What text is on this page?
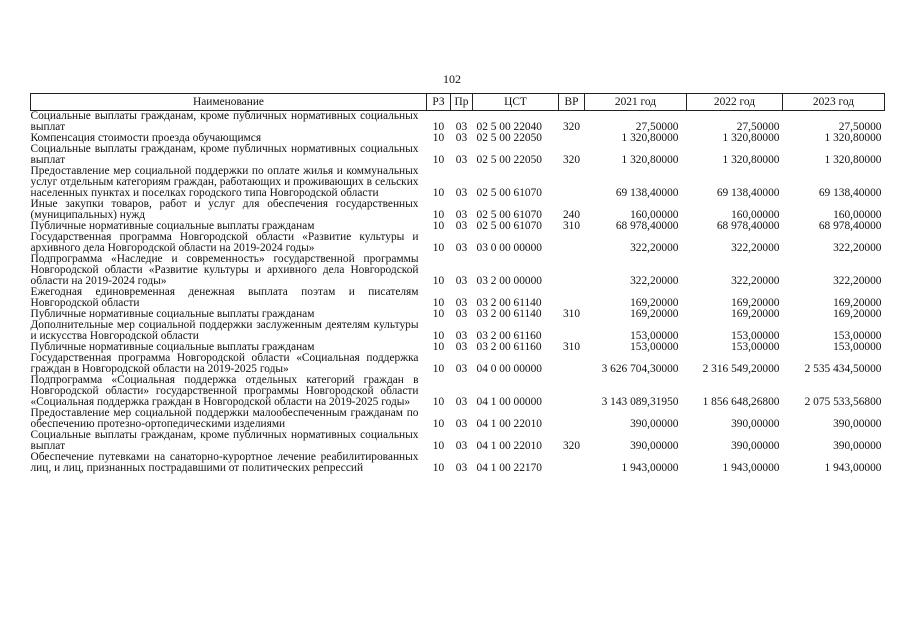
102
Наименование	РЗ	Пр	ЦСТ	ВР	2021 год	2022 год	2023 год
Социальные выплаты гражданам, кроме публичных нормативных социальных выплат	10	03	02 5 00 22040	320	27,50000	27,50000	27,50000
Компенсация стоимости проезда обучающимся	10	03	02 5 00 22050		1 320,80000	1 320,80000	1 320,80000
Социальные выплаты гражданам, кроме публичных нормативных социальных выплат	10	03	02 5 00 22050	320	1 320,80000	1 320,80000	1 320,80000
Предоставление мер социальной поддержки по оплате жилья и коммунальных услуг отдельным категориям граждан, работающих и проживающих в сельских населенных пунктах и поселках городского типа Новгородской области	10	03	02 5 00 61070		69 138,40000	69 138,40000	69 138,40000
Иные закупки товаров, работ и услуг для обеспечения государственных (муниципальных) нужд	10	03	02 5 00 61070	240	160,00000	160,00000	160,00000
Публичные нормативные социальные выплаты гражданам	10	03	02 5 00 61070	310	68 978,40000	68 978,40000	68 978,40000
Государственная программа Новгородской области «Развитие культуры и архивного дела Новгородской области на 2019-2024 годы»	10	03	03 0 00 00000		322,20000	322,20000	322,20000
Подпрограмма «Наследие и современность» государственной программы Новгородской области «Развитие культуры и архивного дела Новгородской области на 2019-2024 годы»	10	03	03 2 00 00000		322,20000	322,20000	322,20000
Ежегодная единовременная денежная выплата поэтам и писателям Новгородской области	10	03	03 2 00 61140		169,20000	169,20000	169,20000
Публичные нормативные социальные выплаты гражданам	10	03	03 2 00 61140	310	169,20000	169,20000	169,20000
Дополнительные мер социальной поддержки заслуженным деятелям культуры и искусства Новгородской области	10	03	03 2 00 61160		153,00000	153,00000	153,00000
Публичные нормативные социальные выплаты гражданам	10	03	03 2 00 61160	310	153,00000	153,00000	153,00000
Государственная программа Новгородской области «Социальная поддержка граждан в Новгородской области на 2019-2025 годы»	10	03	04 0 00 00000		3 626 704,30000	2 316 549,20000	2 535 434,50000
Подпрограмма «Социальная поддержка отдельных категорий граждан в Новгородской области» государственной программы Новгородской области «Социальная поддержка граждан в Новгородской области на 2019-2025 годы»	10	03	04 1 00 00000		3 143 089,31950	1 856 648,26800	2 075 533,56800
Предоставление мер социальной поддержки малообеспеченным гражданам по обеспечению протезно-ортопедическими изделиями	10	03	04 1 00 22010		390,00000	390,00000	390,00000
Социальные выплаты гражданам, кроме публичных нормативных социальных выплат	10	03	04 1 00 22010	320	390,00000	390,00000	390,00000
Обеспечение путевками на санаторно-курортное лечение реабилитированных лиц, и лиц, признанных пострадавшими от политических репрессий	10	03	04 1 00 22170		1 943,00000	1 943,00000	1 943,00000
